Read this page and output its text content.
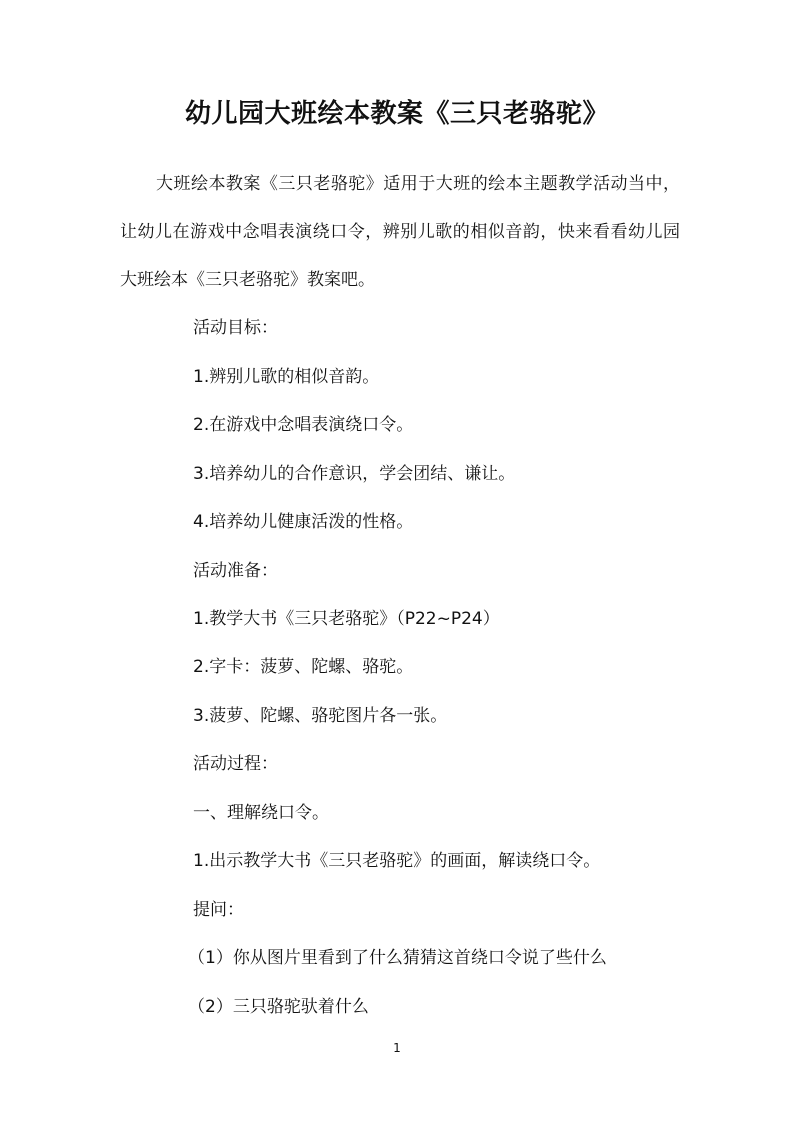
幼儿园大班绘本教案《三只老骆驼》
大班绘本教案《三只老骆驼》适用于大班的绘本主题教学活动当中，让幼儿在游戏中念唱表演绕口令，辨别儿歌的相似音韵，快来看看幼儿园大班绘本《三只老骆驼》教案吧。
活动目标：
1.辨别儿歌的相似音韵。
2.在游戏中念唱表演绕口令。
3.培养幼儿的合作意识，学会团结、谦让。
4.培养幼儿健康活泼的性格。
活动准备：
1.教学大书《三只老骆驼》（P22~P24）
2.字卡：菠萝、陀螺、骆驼。
3.菠萝、陀螺、骆驼图片各一张。
活动过程：
一、理解绕口令。
1.出示教学大书《三只老骆驼》的画面，解读绕口令。
提问：
（1）你从图片里看到了什么猜猜这首绕口令说了些什么
（2）三只骆驼驮着什么
1
